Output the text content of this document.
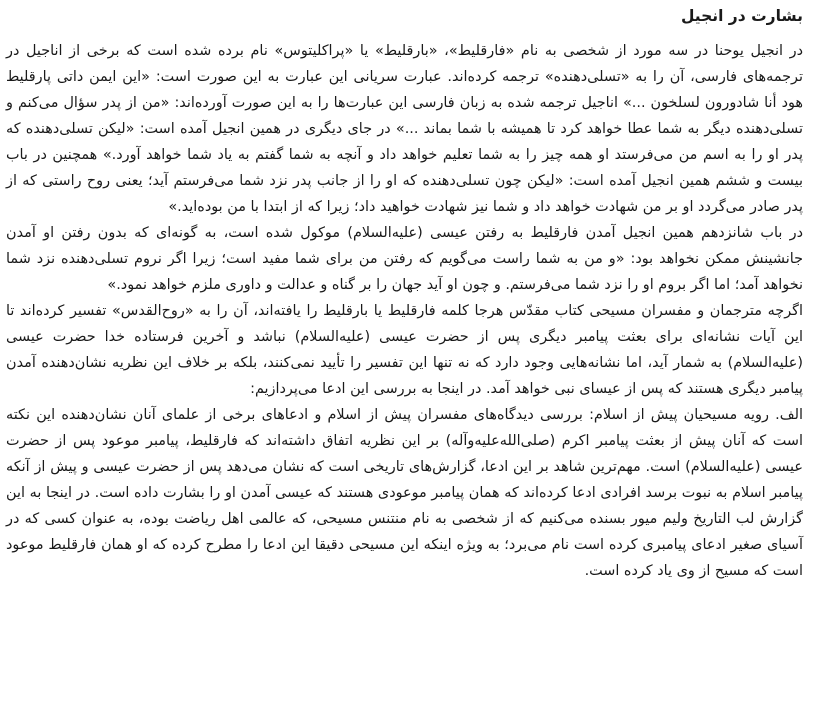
بشارت در انجیل

در انجیل یوحنا در سه مورد از شخصی به نام «فارقلیط»، «بارقلیط» یا «پراکلیتوس» نام برده شده است که برخی از اناجیل در ترجمه‌های فارسی، آن را به «تسلی‌دهنده» ترجمه کرده‌اند. عبارت سریانی این عبارت به این صورت است: «این ایمن داتی پارقلیط هود أنا شادورون لسلخون ...» اناجیل ترجمه شده به زبان فارسی این عبارت‌ها را به این صورت آورده‌اند: «من از پدر سؤال می‌کنم و تسلی‌دهنده دیگر به شما عطا خواهد کرد تا همیشه با شما بماند ...» در جای دیگری در همین انجیل آمده است: «لیکن تسلی‌دهنده که پدر او را به اسم من می‌فرستد او همه چیز را به شما تعلیم خواهد داد و آنچه به شما گفتم به یاد شما خواهد آورد.» همچنین در باب بیست و ششم همین انجیل آمده است: «لیکن چون تسلی‌دهنده که او را از جانب پدر نزد شما می‌فرستم آید؛ یعنی روح راستی که از پدر صادر می‌گردد او بر من شهادت خواهد داد و شما نیز شهادت خواهید داد؛ زیرا که از ابتدا با من بوده‌اید.»

در باب شانزدهم همین انجیل آمدن فارقلیط به رفتن عیسی (علیه‌السلام) موکول شده است، به گونه‌ای که بدون رفتن او آمدن جانشینش ممکن نخواهد بود: «و من به شما راست می‌گویم که رفتن من برای شما مفید است؛ زیرا اگر نروم تسلی‌دهنده نزد شما نخواهد آمد؛ اما اگر بروم او را نزد شما می‌فرستم. و چون او آید جهان را بر گناه و عدالت و داوری ملزم خواهد نمود.»

اگرچه مترجمان و مفسران مسیحی کتاب مقدّس هرجا کلمه فارقلیط یا بارقلیط را یافته‌اند، آن را به «روح‌القدس» تفسیر کرده‌اند تا این آیات نشانه‌ای برای بعثت پیامبر دیگری پس از حضرت عیسی (علیه‌السلام) نباشد و آخرین فرستاده خدا حضرت عیسی (علیه‌السلام) به شمار آید، اما نشانه‌هایی وجود دارد که نه تنها این تفسیر را تأیید نمی‌کنند، بلکه بر خلاف این نظریه نشان‌دهنده آمدن پیامبر دیگری هستند که پس از عیسای نبی خواهد آمد. در اینجا به بررسی این ادعا می‌پردازیم:

الف. رویه مسیحیان پیش از اسلام: بررسی دیدگاه‌های مفسران پیش از اسلام و ادعاهای برخی از علمای آنان نشان‌دهنده این نکته است که آنان پیش از بعثت پیامبر اکرم (صلی‌الله‌علیه‌وآله) بر این نظریه اتفاق داشته‌اند که فارقلیط، پیامبر موعود پس از حضرت عیسی (علیه‌السلام) است. مهم‌ترین شاهد بر این ادعا، گزارش‌های تاریخی است که نشان می‌دهد پس از حضرت عیسی و پیش از آنکه پیامبر اسلام به نبوت برسد افرادی ادعا کرده‌اند که همان پیامبر موعودی هستند که عیسی آمدن او را بشارت داده است. در اینجا به این گزارش لب التاریخ ولیم میور بسنده می‌کنیم که از شخصی به نام منتنس مسیحی، که عالمی اهل ریاضت بوده، به عنوان کسی که در آسیای صغیر ادعای پیامبری کرده است نام می‌برد؛ به ویژه اینکه این مسیحی دقیقا این ادعا را مطرح کرده که او همان فارقلیط موعود است که مسیح از وی یاد کرده است.
